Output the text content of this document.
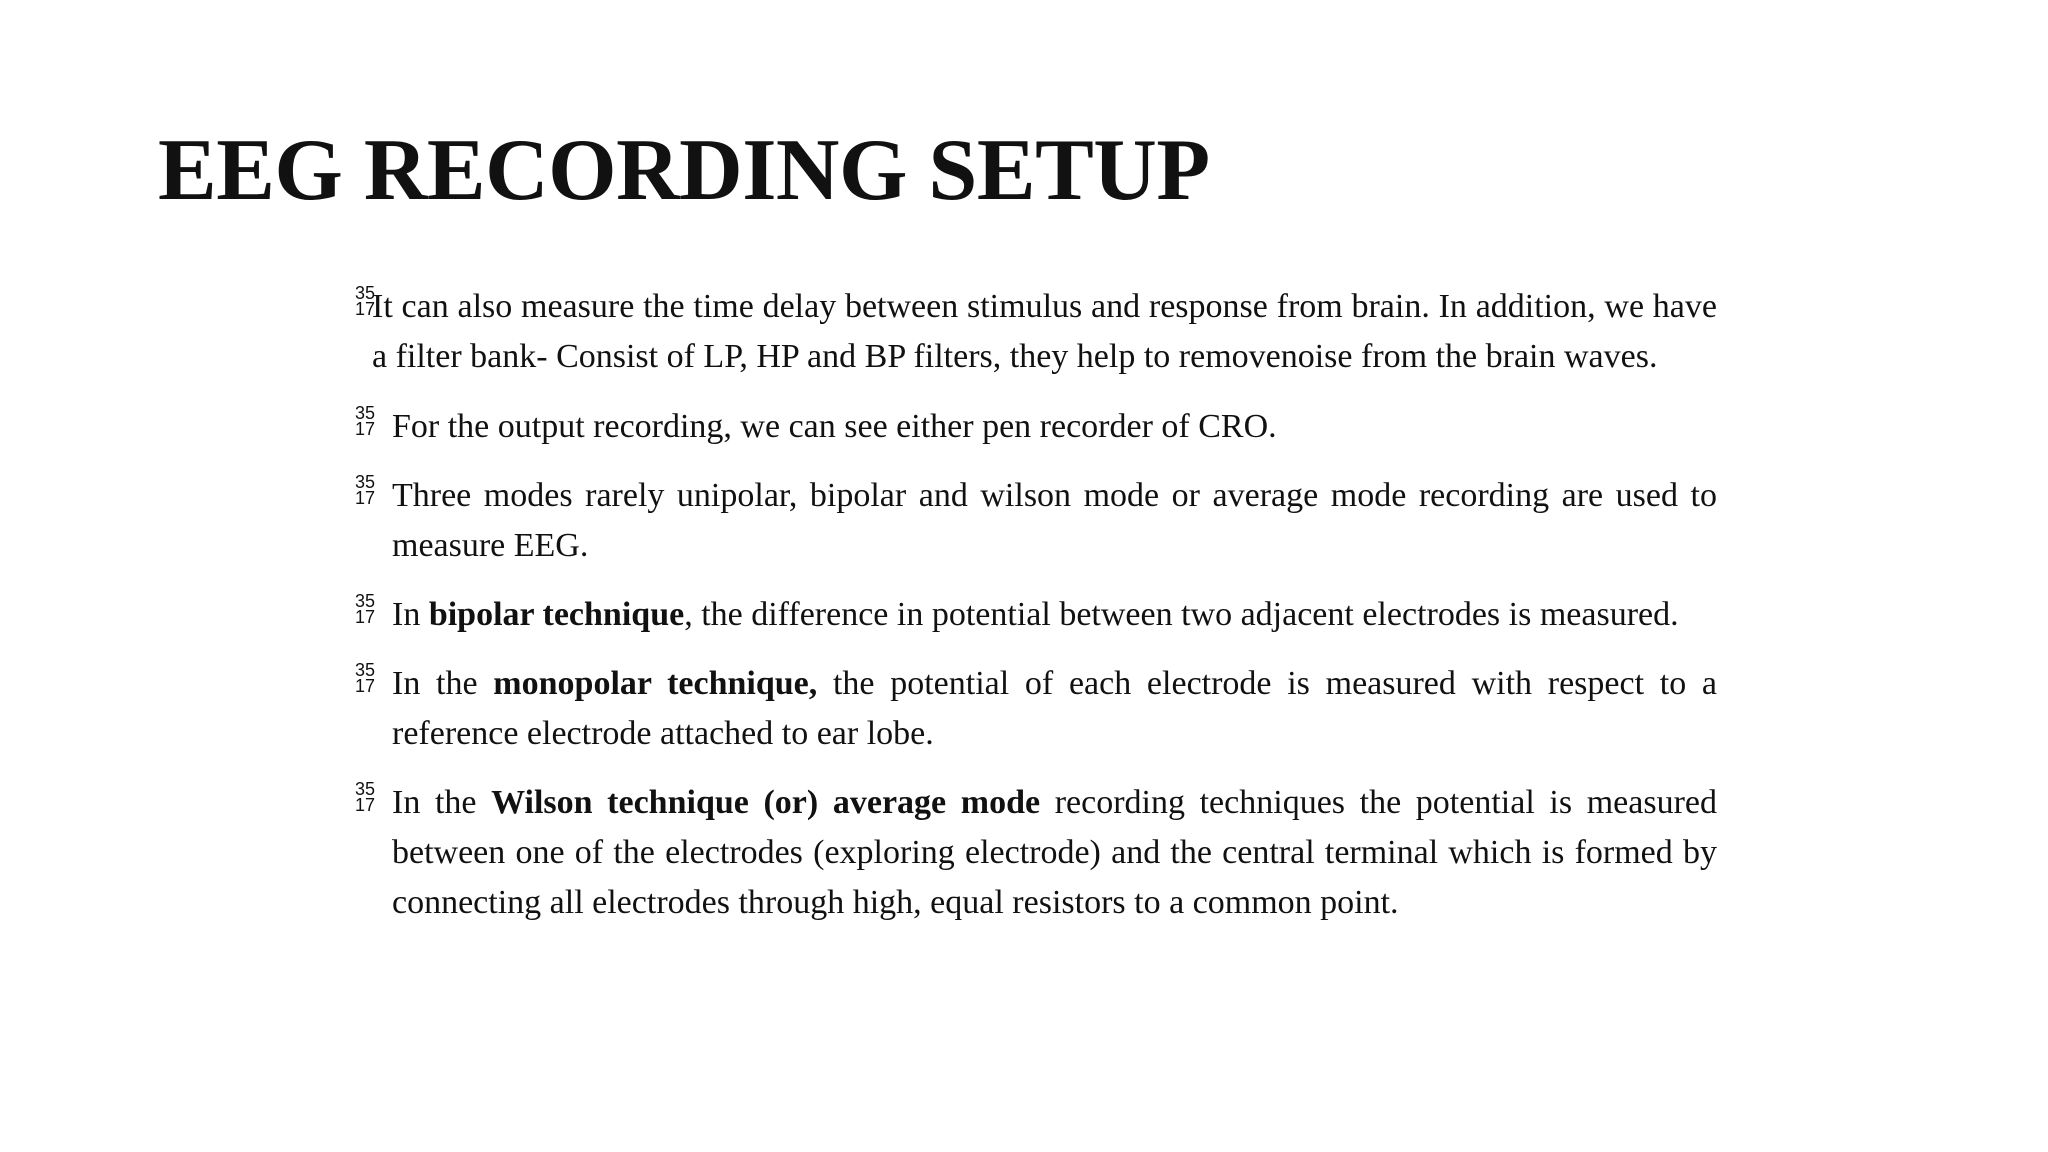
EEG RECORDING SETUP
35
17
It can also measure the time delay between stimulus and response from brain. In addition, we have a filter bank- Consist of LP, HP and BP filters, they help to removenoise from the brain waves.
35
17 For the output recording, we can see either pen recorder of CRO.
35
17 Three modes rarely unipolar, bipolar and wilson mode or average mode recording are used to measure EEG.
35
17 In bipolar technique, the difference in potential between two adjacent electrodes is measured.
35
17 In the monopolar technique, the potential of each electrode is measured with respect to a reference electrode attached to ear lobe.
35
17 In the Wilson technique (or) average mode recording techniques the potential is measured between one of the electrodes (exploring electrode) and the central terminal which is formed by connecting all electrodes through high, equal resistors to a common point.
